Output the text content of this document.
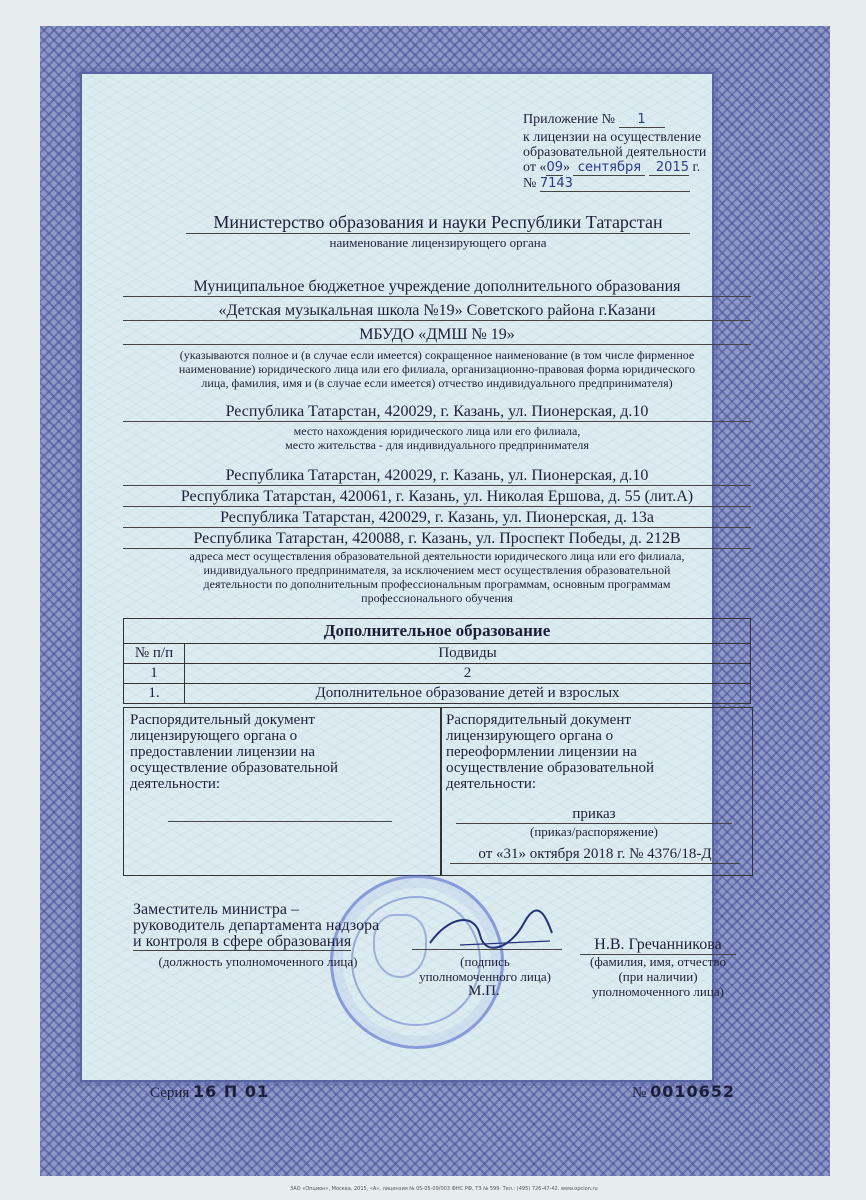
Приложение № 1
к лицензии на осуществление
образовательной деятельности
от «09» сентября 2015 г.
№ 7143
Министерство образования и науки Республики Татарстан
наименование лицензирующего органа
Муниципальное бюджетное учреждение дополнительного образования
«Детская музыкальная школа №19» Советского района г.Казани
МБУДО «ДМШ № 19»
(указываются полное и (в случае если имеется) сокращенное наименование (в том числе фирменное
наименование) юридического лица или его филиала, организационно-правовая форма юридического
лица, фамилия, имя и (в случае если имеется) отчество индивидуального предпринимателя)
Республика Татарстан, 420029, г. Казань, ул. Пионерская, д.10
место нахождения юридического лица или его филиала,
место жительства - для индивидуального предпринимателя
Республика Татарстан, 420029, г. Казань, ул. Пионерская, д.10
Республика Татарстан, 420061, г. Казань, ул. Николая Ершова, д. 55 (лит.А)
Республика Татарстан, 420029, г. Казань, ул. Пионерская, д. 13а
Республика Татарстан, 420088, г. Казань, ул. Проспект Победы, д. 212В
адреса мест осуществления образовательной деятельности юридического лица или его филиала,
индивидуального предпринимателя, за исключением мест осуществления образовательной
деятельности по дополнительным профессиональным программам, основным программам
профессионального обучения
Дополнительное образование	
№ п/п	Подвиды
1	2
1.	Дополнительное образование детей и взрослых
Распорядительный документ
лицензирующего органа о
предоставлении лицензии на
осуществление образовательной
деятельности:
Распорядительный документ
лицензирующего органа о
переоформлении лицензии на
осуществление образовательной
деятельности:
приказ
(приказ/распоряжение)
от «31» октября 2018 г. № 4376/18-Д
Заместитель министра –
руководитель департамента надзора
и контроля в сфере образования
(должность уполномоченного лица)	(подпись
уполномоченного лица)
М.П.
Н.В. Гречанникова
(фамилия, имя, отчество
(при наличии)
уполномоченного лица)
Серия 16 П 01	№ 0010652
ЗАО «Опцион», Москва, 2015, «А», лицензия № 05-05-09/003 ФНС РФ, ТЗ № 599. Тел.: (495) 726-47-42, www.opcion.ru
